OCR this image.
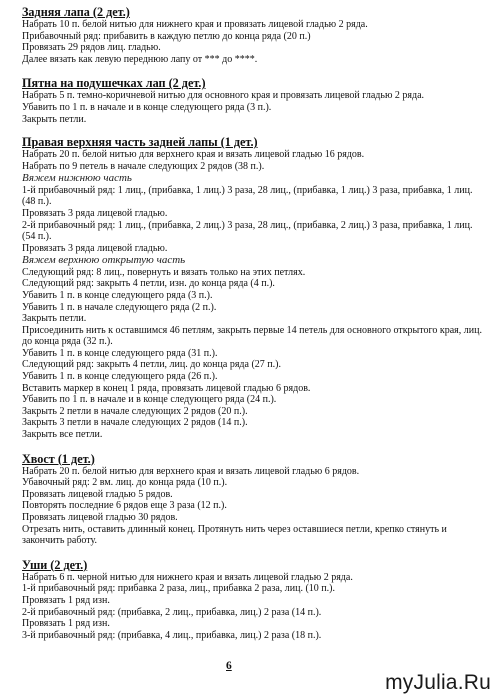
Задняя лапа (2 дет.)

Набрать 10 п. белой нитью для нижнего края и провязать лицевой гладью 2 ряда.

Прибавочный ряд: прибавить в каждую петлю до конца ряда (20 п.)

Провязать 29 рядов лиц. гладью.

Далее вязать как левую переднюю лапу от *** до ****.

Пятна на подушечках лап (2 дет.)

Набрать 5 п. темно-коричневой нитью для основного края и провязать лицевой гладью 2 ряда.

Убавить по 1 п. в начале и в конце следующего ряда (3 п.).

Закрыть петли.

Правая верхняя часть задней лапы (1 дет.)

Набрать 20 п. белой нитью для верхнего края и вязать лицевой гладью 16 рядов.

Набрать по 9 петель в начале следующих 2 рядов (38 п.).

Вяжем нижнюю часть

1-й прибавочный ряд: 1 лиц., (прибавка, 1 лиц.) 3 раза, 28 лиц., (прибавка, 1 лиц.) 3 раза, прибавка, 1 лиц. (48 п.).

Провязать 3 ряда лицевой гладью.

2-й прибавочный ряд: 1 лиц., (прибавка, 2 лиц.) 3 раза, 28 лиц., (прибавка, 2 лиц.) 3 раза, прибавка, 1 лиц. (54 п.).

Провязать 3 ряда лицевой гладью.

Вяжем верхнюю открытую часть

Следующий ряд: 8 лиц., повернуть и вязать только на этих петлях.

Следующий ряд: закрыть 4 петли, изн. до конца ряда (4 п.).

Убавить 1 п. в конце следующего ряда (3 п.).

Убавить 1 п. в начале следующего ряда (2 п.).

Закрыть петли.

Присоединить нить к оставшимся 46 петлям, закрыть первые 14 петель для основного открытого края, лиц. до конца ряда (32 п.).

Убавить 1 п. в конце следующего ряда (31 п.).

Следующий ряд: закрыть 4 петли, лиц. до конца ряда (27 п.).

Убавить 1 п. в конце следующего ряда (26 п.).

Вставить маркер в конец 1 ряда, провязать лицевой гладью 6 рядов.

Убавить по 1 п. в начале и в конце следующего ряда (24 п.).

Закрыть 2 петли в начале следующих 2 рядов (20 п.).

Закрыть 3 петли в начале следующих 2 рядов (14 п.).

Закрыть все петли.

Хвост (1 дет.)

Набрать 20 п. белой нитью для верхнего края и вязать лицевой гладью 6 рядов.

Убавочный ряд: 2 вм. лиц. до конца ряда (10 п.).

Провязать лицевой гладью 5 рядов.

Повторять последние 6 рядов еще 3 раза (12 п.).

Провязать лицевой гладью 30 рядов.

Отрезать нить, оставить длинный конец. Протянуть нить через оставшиеся петли, крепко стянуть и закончить работу.

Уши (2 дет.)

Набрать 6 п. черной нитью для нижнего края и вязать лицевой гладью 2 ряда.

1-й прибавочный ряд: прибавка 2 раза, лиц., прибавка 2 раза, лиц. (10 п.).

Провязать 1 ряд изн.

2-й прибавочный ряд: (прибавка, 2 лиц., прибавка, лиц.) 2 раза (14 п.).

Провязать 1 ряд изн.

3-й прибавочный ряд: (прибавка, 4 лиц., прибавка, лиц.) 2 раза (18 п.).

6
myJulia.Ru
